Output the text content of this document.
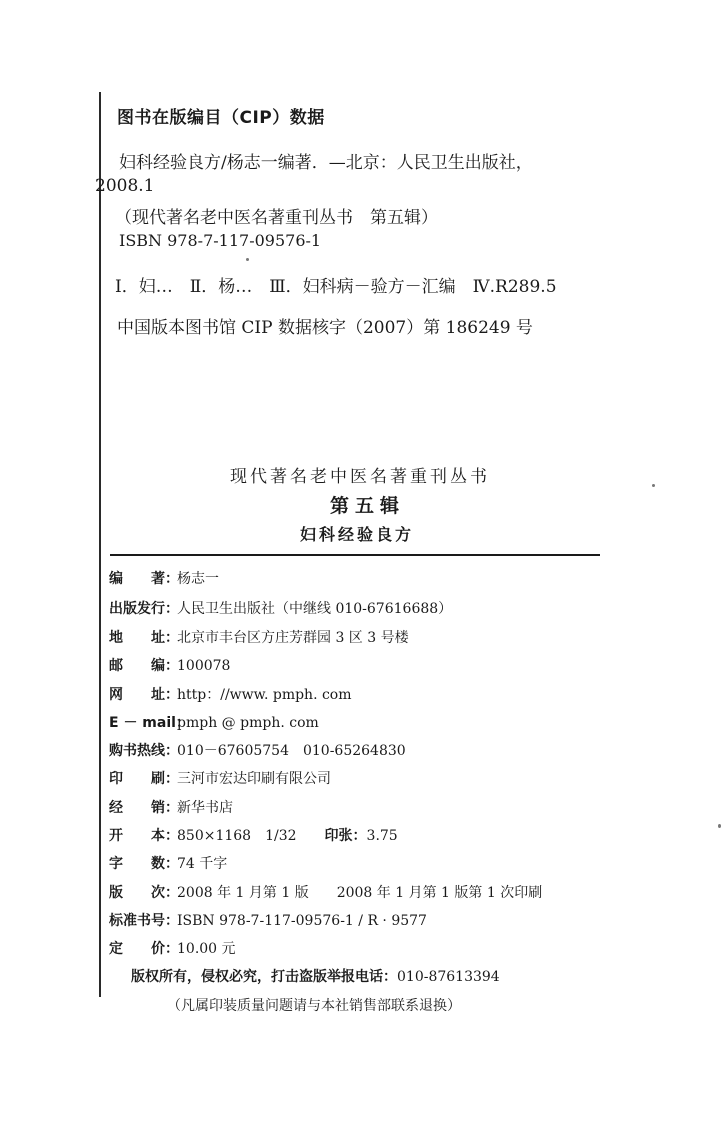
图书在版编目（CIP）数据
妇科经验良方/杨志一编著．—北京：人民卫生出版社，
2008.1
（现代著名老中医名著重刊丛书　第五辑）
ISBN 978-7-117-09576-1
Ⅰ．妇…　Ⅱ．杨…　Ⅲ．妇科病－验方－汇编　Ⅳ.R289.5
中国版本图书馆 CIP 数据核字（2007）第 186249 号
现代著名老中医名著重刊丛书
第五辑
妇科经验良方
编　　著：杨志一
出版发行：人民卫生出版社（中继线 010-67616688）
地　　址：北京市丰台区方庄芳群园 3 区 3 号楼
邮　　编：100078
网　　址：http：//www. pmph. com
E － mail：pmph @ pmph. com
购书热线：010－67605754　010-65264830
印　　刷：三河市宏达印刷有限公司
经　　销：新华书店
开　　本：850×1168　1/32 印张：3.75
字　　数：74 千字
版　　次：2008 年 1 月第 1 版　　2008 年 1 月第 1 版第 1 次印刷
标准书号：ISBN 978-7-117-09576-1 / R · 9577
定　　价：10.00 元
版权所有，侵权必究，打击盗版举报电话：010-87613394
（凡属印装质量问题请与本社销售部联系退换）
